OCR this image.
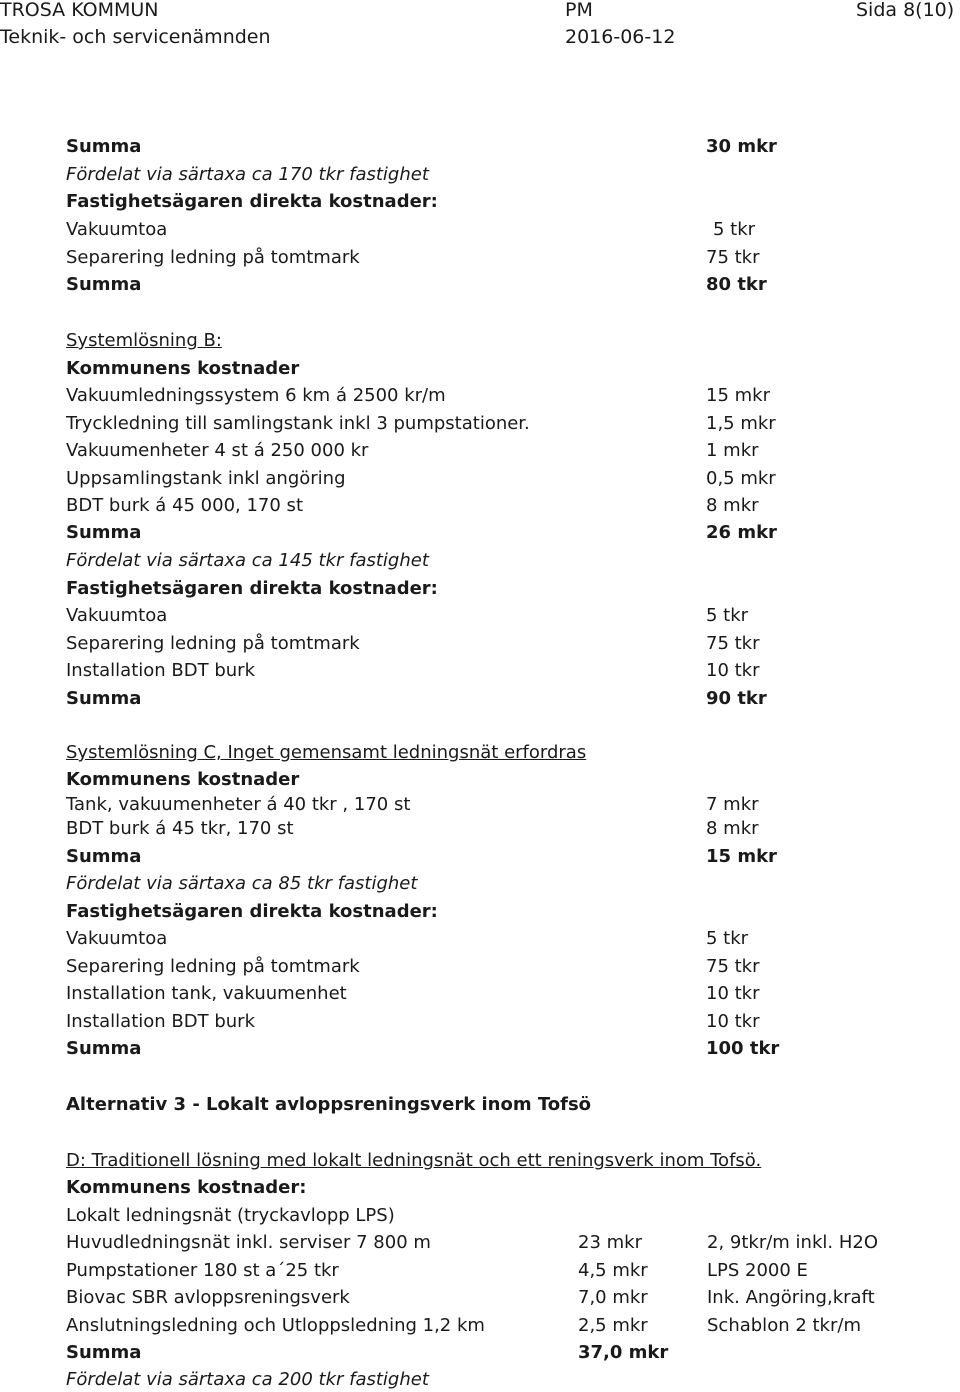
TROSA KOMMUN	PM	Sida 8(10)
Teknik- och servicenämnden	2016-06-12
Summa	30 mkr
Fördelat via särtaxa ca 170 tkr fastighet
Fastighetsägaren direkta kostnader:
Vakuumtoa	5 tkr
Separering ledning på tomtmark	75 tkr
Summa	80 tkr
Systemlösning B:
Kommunens kostnader
Vakuumledningssystem 6 km á 2500 kr/m	15 mkr
Tryckledning till samlingstank inkl 3 pumpstationer.	1,5 mkr
Vakuumenheter 4 st á 250 000 kr	1 mkr
Uppsamlingstank inkl angöring	0,5 mkr
BDT burk á 45 000, 170 st	8 mkr
Summa	26 mkr
Fördelat via särtaxa ca 145 tkr fastighet
Fastighetsägaren direkta kostnader:
Vakuumtoa	5 tkr
Separering ledning på tomtmark	75 tkr
Installation BDT burk	10 tkr
Summa	90 tkr
Systemlösning C, Inget gemensamt ledningsnät erfordras
Kommunens kostnader
Tank, vakuumenheter á 40 tkr , 170 st	7 mkr
BDT burk á 45 tkr, 170 st	8 mkr
Summa	15 mkr
Fördelat via särtaxa ca 85 tkr fastighet
Fastighetsägaren direkta kostnader:
Vakuumtoa	5 tkr
Separering ledning på tomtmark	75 tkr
Installation tank, vakuumenhet	10 tkr
Installation BDT burk	10 tkr
Summa	100 tkr
Alternativ 3 - Lokalt avloppsreningsverk inom Tofsö
D: Traditionell lösning med lokalt ledningsnät och ett reningsverk inom Tofsö.
Kommunens kostnader:
Lokalt ledningsnät (tryckavlopp LPS)
Huvudledningsnät inkl. serviser 7 800 m	23 mkr	2, 9tkr/m inkl. H2O
Pumpstationer 180 st a´25 tkr	4,5 mkr	LPS 2000 E
Biovac SBR avloppsreningsverk	7,0 mkr	Ink. Angöring,kraft
Anslutningsledning och Utloppsledning 1,2 km	2,5 mkr	Schablon 2 tkr/m
Summa	37,0 mkr
Fördelat via särtaxa ca 200 tkr fastighet
